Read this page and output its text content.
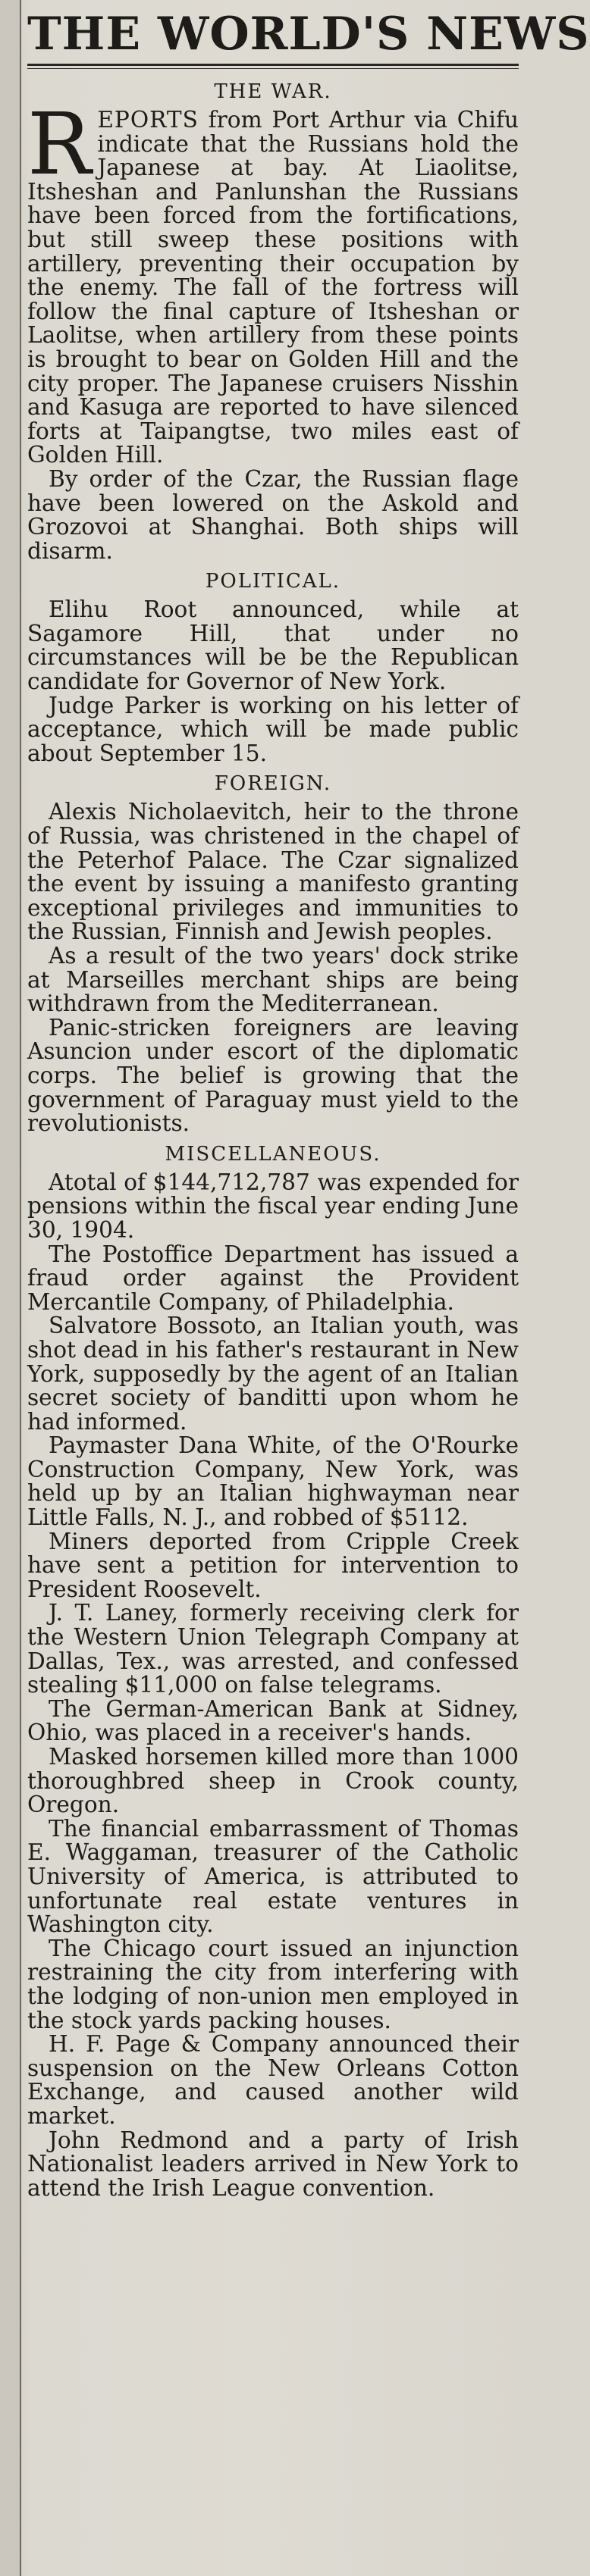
THE WORLD'S NEWS
THE WAR.

REPORTS from Port Arthur via Chifu indicate that the Russians hold the Japanese at bay. At Liaolitse, Itsheshan and Panlunshan the Russians have been forced from the fortifications, but still sweep these positions with artillery, preventing their occupation by the enemy. The fall of the fortress will follow the final capture of Itsheshan or Laolitse, when artillery from these points is brought to bear on Golden Hill and the city proper. The Japanese cruisers Nisshin and Kasuga are reported to have silenced forts at Taipangtse, two miles east of Golden Hill.

By order of the Czar, the Russian flage have been lowered on the Askold and Grozovoi at Shanghai. Both ships will disarm.

POLITICAL.

Elihu Root announced, while at Sagamore Hill, that under no circumstances will be be the Republican candidate for Governor of New York.

Judge Parker is working on his letter of acceptance, which will be made public about September 15.

FOREIGN.

Alexis Nicholaevitch, heir to the throne of Russia, was christened in the chapel of the Peterhof Palace. The Czar signalized the event by issuing a manifesto granting exceptional privileges and immunities to the Russian, Finnish and Jewish peoples.

As a result of the two years' dock strike at Marseilles merchant ships are being withdrawn from the Mediterranean.

Panic-stricken foreigners are leaving Asuncion under escort of the diplomatic corps. The belief is growing that the government of Paraguay must yield to the revolutionists.

MISCELLANEOUS.

Atotal of $144,712,787 was expended for pensions within the fiscal year ending June 30, 1904.

The Postoffice Department has issued a fraud order against the Provident Mercantile Company, of Philadelphia.

Salvatore Bossoto, an Italian youth, was shot dead in his father's restaurant in New York, supposedly by the agent of an Italian secret society of banditti upon whom he had informed.

Paymaster Dana White, of the O'Rourke Construction Company, New York, was held up by an Italian highwayman near Little Falls, N. J., and robbed of $5112.

Miners deported from Cripple Creek have sent a petition for intervention to President Roosevelt.

J. T. Laney, formerly receiving clerk for the Western Union Telegraph Company at Dallas, Tex., was arrested, and confessed stealing $11,000 on false telegrams.

The German-American Bank at Sidney, Ohio, was placed in a receiver's hands.

Masked horsemen killed more than 1000 thoroughbred sheep in Crook county, Oregon.

The financial embarrassment of Thomas E. Waggaman, treasurer of the Catholic University of America, is attributed to unfortunate real estate ventures in Washington city.

The Chicago court issued an injunction restraining the city from interfering with the lodging of non-union men employed in the stock yards packing houses.

H. F. Page & Company announced their suspension on the New Orleans Cotton Exchange, and caused another wild market.

John Redmond and a party of Irish Nationalist leaders arrived in New York to attend the Irish League convention.
